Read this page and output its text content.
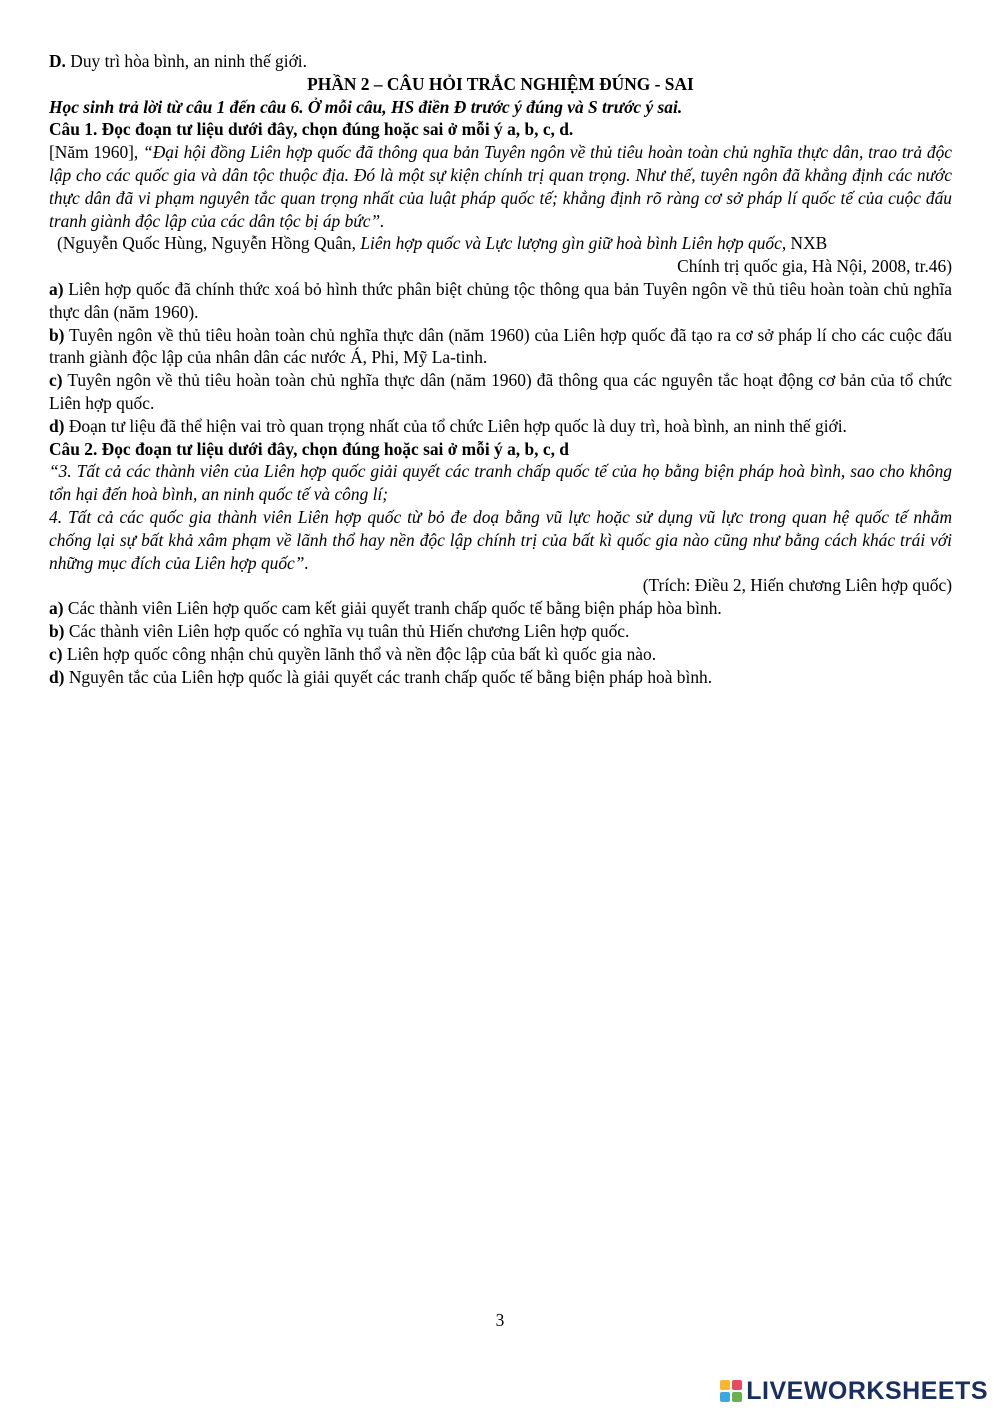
D. Duy trì hòa bình, an ninh thế giới.

PHẦN 2 – CÂU HỎI TRẮC NGHIỆM ĐÚNG - SAI

Học sinh trả lời từ câu 1 đến câu 6. Ở mỗi câu, HS điền Đ trước ý đúng và S trước ý sai.

Câu 1. Đọc đoạn tư liệu dưới đây, chọn đúng hoặc sai ở mỗi ý a, b, c, d.

[Năm 1960], “Đại hội đồng Liên hợp quốc đã thông qua bản Tuyên ngôn về thủ tiêu hoàn toàn chủ nghĩa thực dân, trao trả độc lập cho các quốc gia và dân tộc thuộc địa. Đó là một sự kiện chính trị quan trọng. Như thế, tuyên ngôn đã khẳng định các nước thực dân đã vi phạm nguyên tắc quan trọng nhất của luật pháp quốc tế; khẳng định rõ ràng cơ sở pháp lí quốc tế của cuộc đấu tranh giành độc lập của các dân tộc bị áp bức”.

(Nguyễn Quốc Hùng, Nguyễn Hồng Quân, Liên hợp quốc và Lực lượng gìn giữ hoà bình Liên hợp quốc, NXB

Chính trị quốc gia, Hà Nội, 2008, tr.46)

a) Liên hợp quốc đã chính thức xoá bỏ hình thức phân biệt chủng tộc thông qua bản Tuyên ngôn về thủ tiêu hoàn toàn chủ nghĩa thực dân (năm 1960).

b) Tuyên ngôn về thủ tiêu hoàn toàn chủ nghĩa thực dân (năm 1960) của Liên hợp quốc đã tạo ra cơ sở pháp lí cho các cuộc đấu tranh giành độc lập của nhân dân các nước Á, Phi, Mỹ La-tinh.

c) Tuyên ngôn về thủ tiêu hoàn toàn chủ nghĩa thực dân (năm 1960) đã thông qua các nguyên tắc hoạt động cơ bản của tổ chức Liên hợp quốc.

d) Đoạn tư liệu đã thể hiện vai trò quan trọng nhất của tổ chức Liên hợp quốc là duy trì, hoà bình, an ninh thế giới.

Câu 2. Đọc đoạn tư liệu dưới đây, chọn đúng hoặc sai ở mỗi ý a, b, c, d

“3. Tất cả các thành viên của Liên hợp quốc giải quyết các tranh chấp quốc tế của họ bằng biện pháp hoà bình, sao cho không tổn hại đến hoà bình, an ninh quốc tế và công lí;

4. Tất cả các quốc gia thành viên Liên hợp quốc từ bỏ đe doạ bằng vũ lực hoặc sử dụng vũ lực trong quan hệ quốc tế nhằm chống lại sự bất khả xâm phạm về lãnh thổ hay nền độc lập chính trị của bất kì quốc gia nào cũng như bằng cách khác trái với những mục đích của Liên hợp quốc”.

(Trích: Điều 2, Hiến chương Liên hợp quốc)

a) Các thành viên Liên hợp quốc cam kết giải quyết tranh chấp quốc tế bằng biện pháp hòa bình.

b) Các thành viên Liên hợp quốc có nghĩa vụ tuân thủ Hiến chương Liên hợp quốc.

c) Liên hợp quốc công nhận chủ quyền lãnh thổ và nền độc lập của bất kì quốc gia nào.

d) Nguyên tắc của Liên hợp quốc là giải quyết các tranh chấp quốc tế bằng biện pháp hoà bình.

3
LIVEWORKSHEETS
